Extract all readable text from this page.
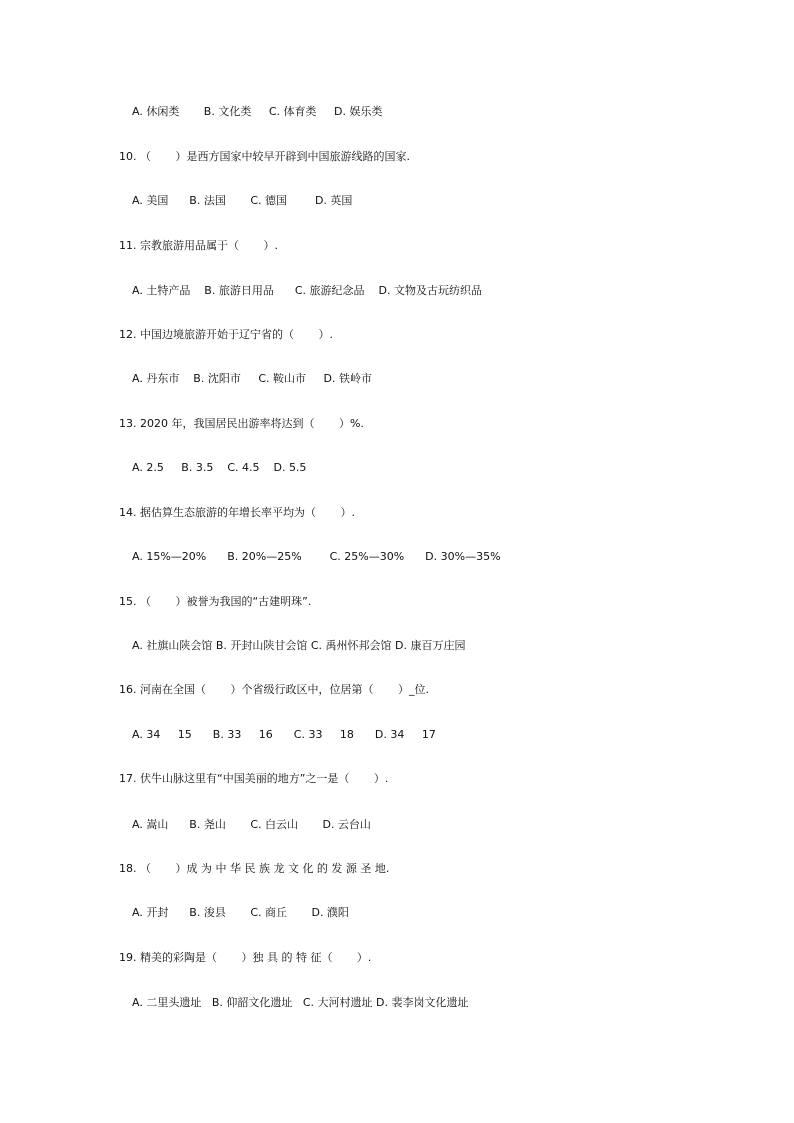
A. 休闲类       B. 文化类     C. 体育类     D. 娱乐类
10. （       ）是西方国家中较早开辟到中国旅游线路的国家.
A. 美国      B. 法国       C. 德国        D. 英国
11. 宗教旅游用品属于（       ）.
A. 土特产品    B. 旅游日用品      C. 旅游纪念品    D. 文物及古玩纺织品
12. 中国边境旅游开始于辽宁省的（       ）.
A. 丹东市    B. 沈阳市     C. 鞍山市     D. 铁岭市
13. 2020 年，我国居民出游率将达到（       ）%.
A. 2.5     B. 3.5    C. 4.5    D. 5.5
14. 据估算生态旅游的年增长率平均为（       ）.
A. 15%—20%      B. 20%—25%        C. 25%—30%      D. 30%—35%
15. （       ）被誉为我国的“古建明珠”.
A. 社旗山陕会馆 B. 开封山陕甘会馆 C. 禹州怀邦会馆 D. 康百万庄园
16. 河南在全国（       ）个省级行政区中，位居第（       ）_位.
A. 34     15      B. 33     16      C. 33     18      D. 34     17
17. 伏牛山脉这里有“中国美丽的地方”之一是（       ）.
A. 嵩山      B. 尧山       C. 白云山       D. 云台山
18. （       ）成 为 中 华 民 族 龙 文 化 的 发 源 圣 地.
A. 开封      B. 浚县       C. 商丘       D. 濮阳
19. 精美的彩陶是（       ）独 具 的 特 征（       ）.
A. 二里头遗址   B. 仰韶文化遗址   C. 大河村遗址 D. 裴李岗文化遗址
